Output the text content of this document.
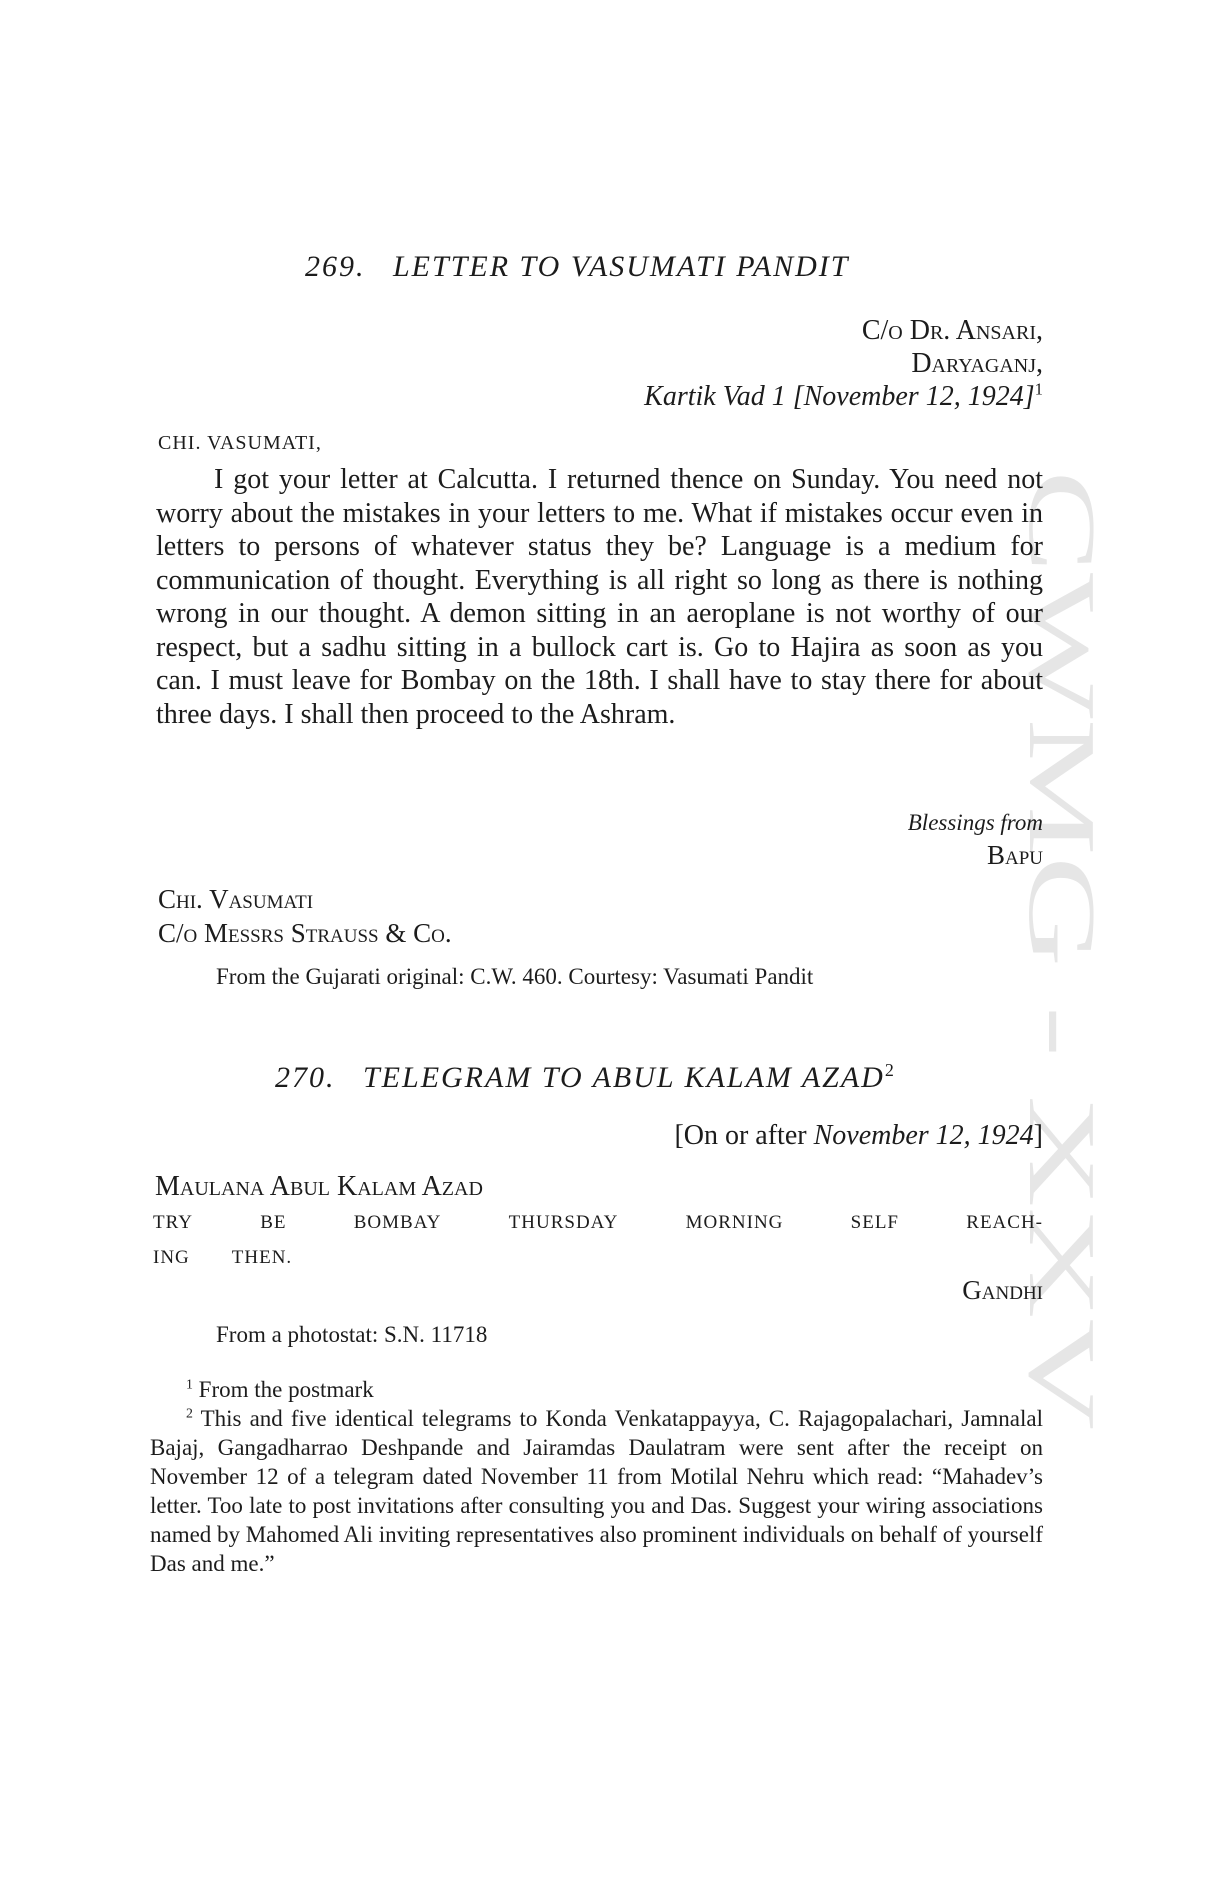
CWMG XXV
269. LETTER TO VASUMATI PANDIT
C/o Dr. Ansari,
Daryaganj,
Kartik Vad 1 [November 12, 1924]$^1$
CHI. VASUMATI,
I got your letter at Calcutta. I returned thence on Sunday. You need not worry about the mistakes in your letters to me. What if mistakes occur even in letters to persons of whatever status they be? Language is a medium for communication of thought. Everything is all right so long as there is nothing wrong in our thought. A demon sitting in an aeroplane is not worthy of our respect, but a sadhu sitting in a bullock cart is. Go to Hajira as soon as you can. I must leave for Bombay on the 18th. I shall have to stay there for about three days. I shall then proceed to the Ashram.
Blessings from
Bapu
Chi. Vasumati
C/o Messrs Strauss & Co.
From the Gujarati original: C.W. 460. Courtesy: Vasumati Pandit
270. TELEGRAM TO ABUL KALAM AZAD$^2$
[On or after November 12, 1924]
Maulana Abul Kalam Azad
TRY	BE	BOMBAY	THURSDAY	MORNING	SELF	REACH-
ING THEN.
Gandhi
From a photostat: S.N. 11718
$^1$ From the postmark
$^2$ This and five identical telegrams to Konda Venkatappayya, C. Rajagopalachari, Jamnalal Bajaj, Gangadharrao Deshpande and Jairamdas Daulatram were sent after the receipt on November 12 of a telegram dated November 11 from Motilal Nehru which read: “Mahadev’s letter. Too late to post invitations after consulting you and Das. Suggest your wiring associations named by Mahomed Ali inviting representatives also prominent individuals on behalf of yourself Das and me.”
